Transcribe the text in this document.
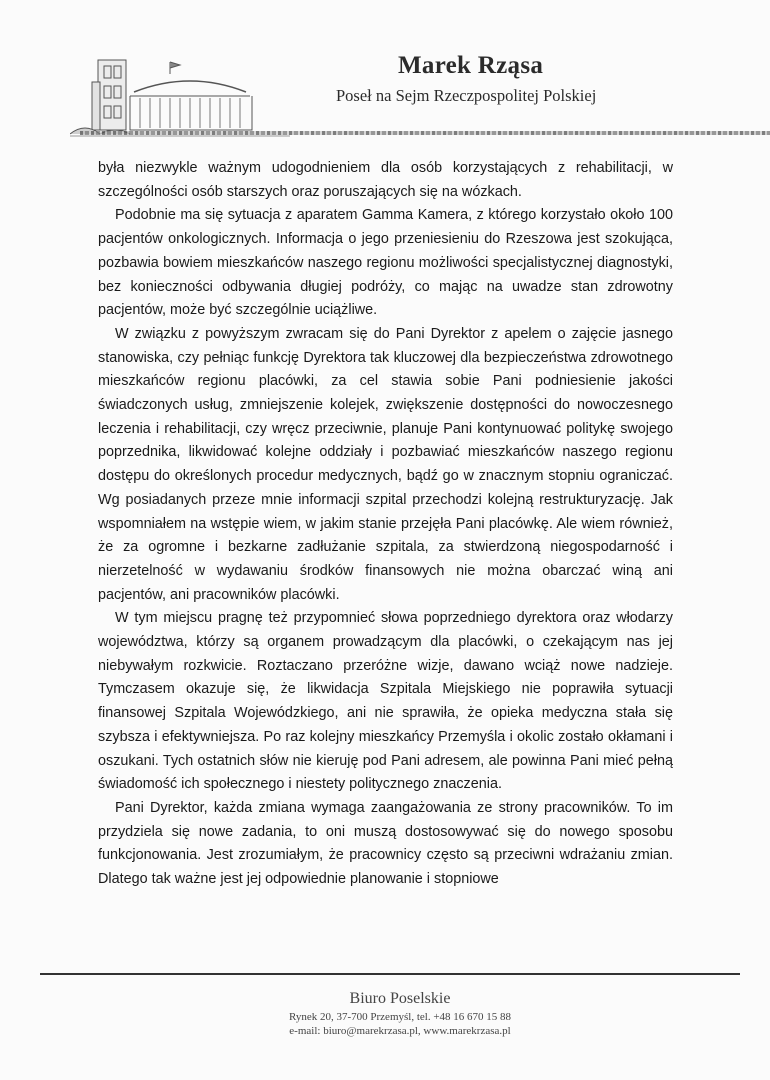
Marek Rząsa
Poseł na Sejm Rzeczpospolitej Polskiej

była niezwykle ważnym udogodnieniem dla osób korzystających z rehabilitacji, w szczególności osób starszych oraz poruszających się na wózkach.

Podobnie ma się sytuacja z aparatem Gamma Kamera, z którego korzystało około 100 pacjentów onkologicznych. Informacja o jego przeniesieniu do Rzeszowa jest szokująca, pozbawia bowiem mieszkańców naszego regionu możliwości specjalistycznej diagnostyki, bez konieczności odbywania długiej podróży, co mając na uwadze stan zdrowotny pacjentów, może być szczególnie uciążliwe.

W związku z powyższym zwracam się do Pani Dyrektor z apelem o zajęcie jasnego stanowiska, czy pełniąc funkcję Dyrektora tak kluczowej dla bezpieczeństwa zdrowotnego mieszkańców regionu placówki, za cel stawia sobie Pani podniesienie jakości świadczonych usług, zmniejszenie kolejek, zwiększenie dostępności do nowoczesnego leczenia i rehabilitacji, czy wręcz przeciwnie, planuje Pani kontynuować politykę swojego poprzednika, likwidować kolejne oddziały i pozbawiać mieszkańców naszego regionu dostępu do określonych procedur medycznych, bądź go w znacznym stopniu ograniczać. Wg posiadanych przeze mnie informacji szpital przechodzi kolejną restrukturyzację. Jak wspomniałem na wstępie wiem, w jakim stanie przejęła Pani placówkę. Ale wiem również, że za ogromne i bezkarne zadłużanie szpitala, za stwierdzoną niegospodarność i nierzetelność w wydawaniu środków finansowych nie można obarczać winą ani pacjentów, ani pracowników placówki.

W tym miejscu pragnę też przypomnieć słowa poprzedniego dyrektora oraz włodarzy województwa, którzy są organem prowadzącym dla placówki, o czekającym nas jej niebywałym rozkwicie. Roztaczano przeróżne wizje, dawano wciąż nowe nadzieje. Tymczasem okazuje się, że likwidacja Szpitala Miejskiego nie poprawiła sytuacji finansowej Szpitala Wojewódzkiego, ani nie sprawiła, że opieka medyczna stała się szybsza i efektywniejsza. Po raz kolejny mieszkańcy Przemyśla i okolic zostało okłamani i oszukani. Tych ostatnich słów nie kieruję pod Pani adresem, ale powinna Pani mieć pełną świadomość ich społecznego i niestety politycznego znaczenia.

Pani Dyrektor, każda zmiana wymaga zaangażowania ze strony pracowników. To im przydziela się nowe zadania, to oni muszą dostosowywać się do nowego sposobu funkcjonowania. Jest zrozumiałym, że pracownicy często są przeciwni wdrażaniu zmian. Dlatego tak ważne jest jej odpowiednie planowanie i stopniowe

Biuro Poselskie
Rynek 20, 37-700 Przemyśl, tel. +48 16 670 15 88
e-mail: biuro@marekrzasa.pl, www.marekrzasa.pl
